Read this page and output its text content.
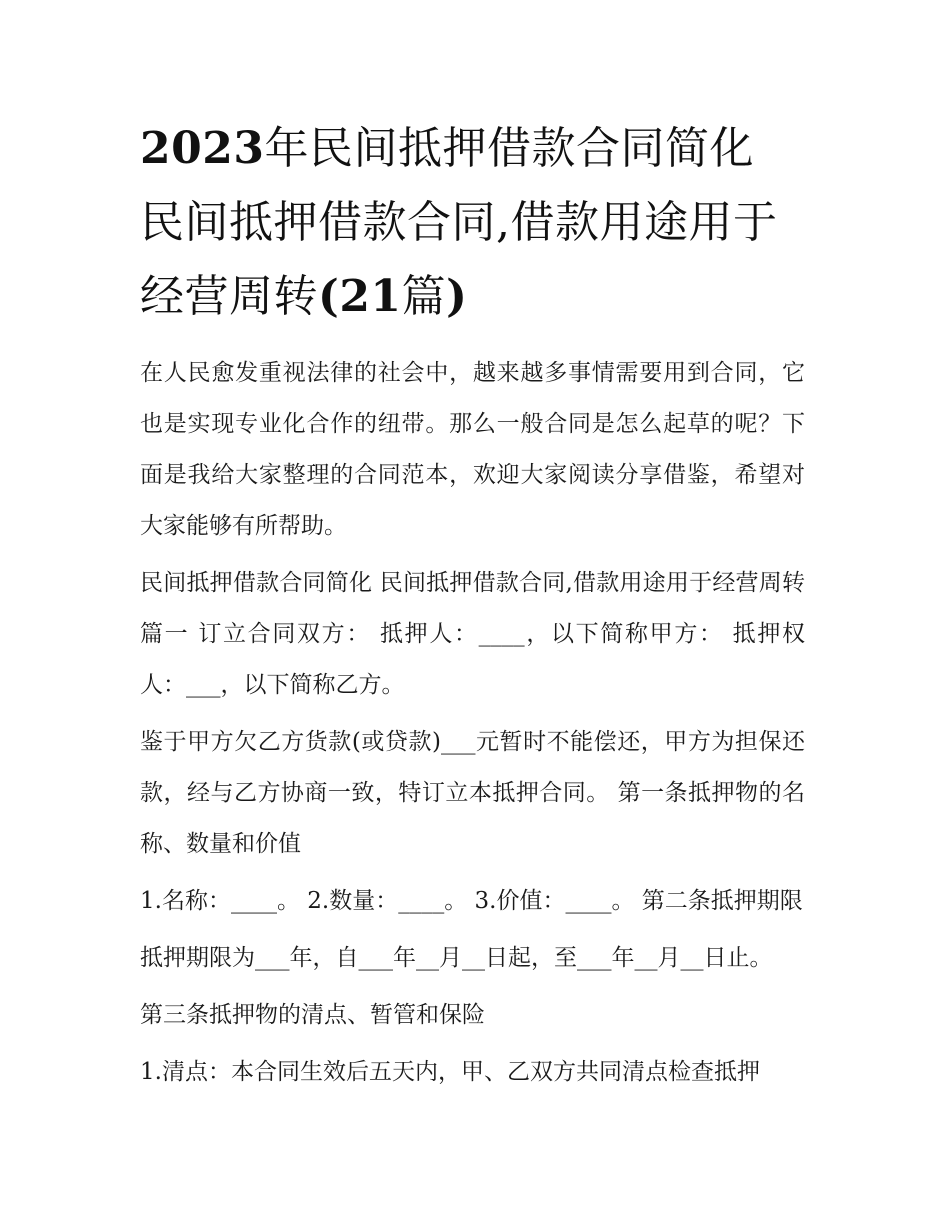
2023年民间抵押借款合同简化 民间抵押借款合同,借款用途用于经营周转(21篇)

在人民愈发重视法律的社会中，越来越多事情需要用到合同，它也是实现专业化合作的纽带。那么一般合同是怎么起草的呢？下面是我给大家整理的合同范本，欢迎大家阅读分享借鉴，希望对大家能够有所帮助。

民间抵押借款合同简化 民间抵押借款合同,借款用途用于经营周转篇一 订立合同双方： 抵押人：____，以下简称甲方： 抵押权人：___，以下简称乙方。

鉴于甲方欠乙方货款(或贷款)___元暂时不能偿还，甲方为担保还款，经与乙方协商一致，特订立本抵押合同。 第一条抵押物的名称、数量和价值

1.名称：____。 2.数量：____。 3.价值：____。 第二条抵押期限

抵押期限为___年，自___年__月__日起，至___年__月__日止。

第三条抵押物的清点、暂管和保险

1.清点：本合同生效后五天内，甲、乙双方共同清点检查抵押
